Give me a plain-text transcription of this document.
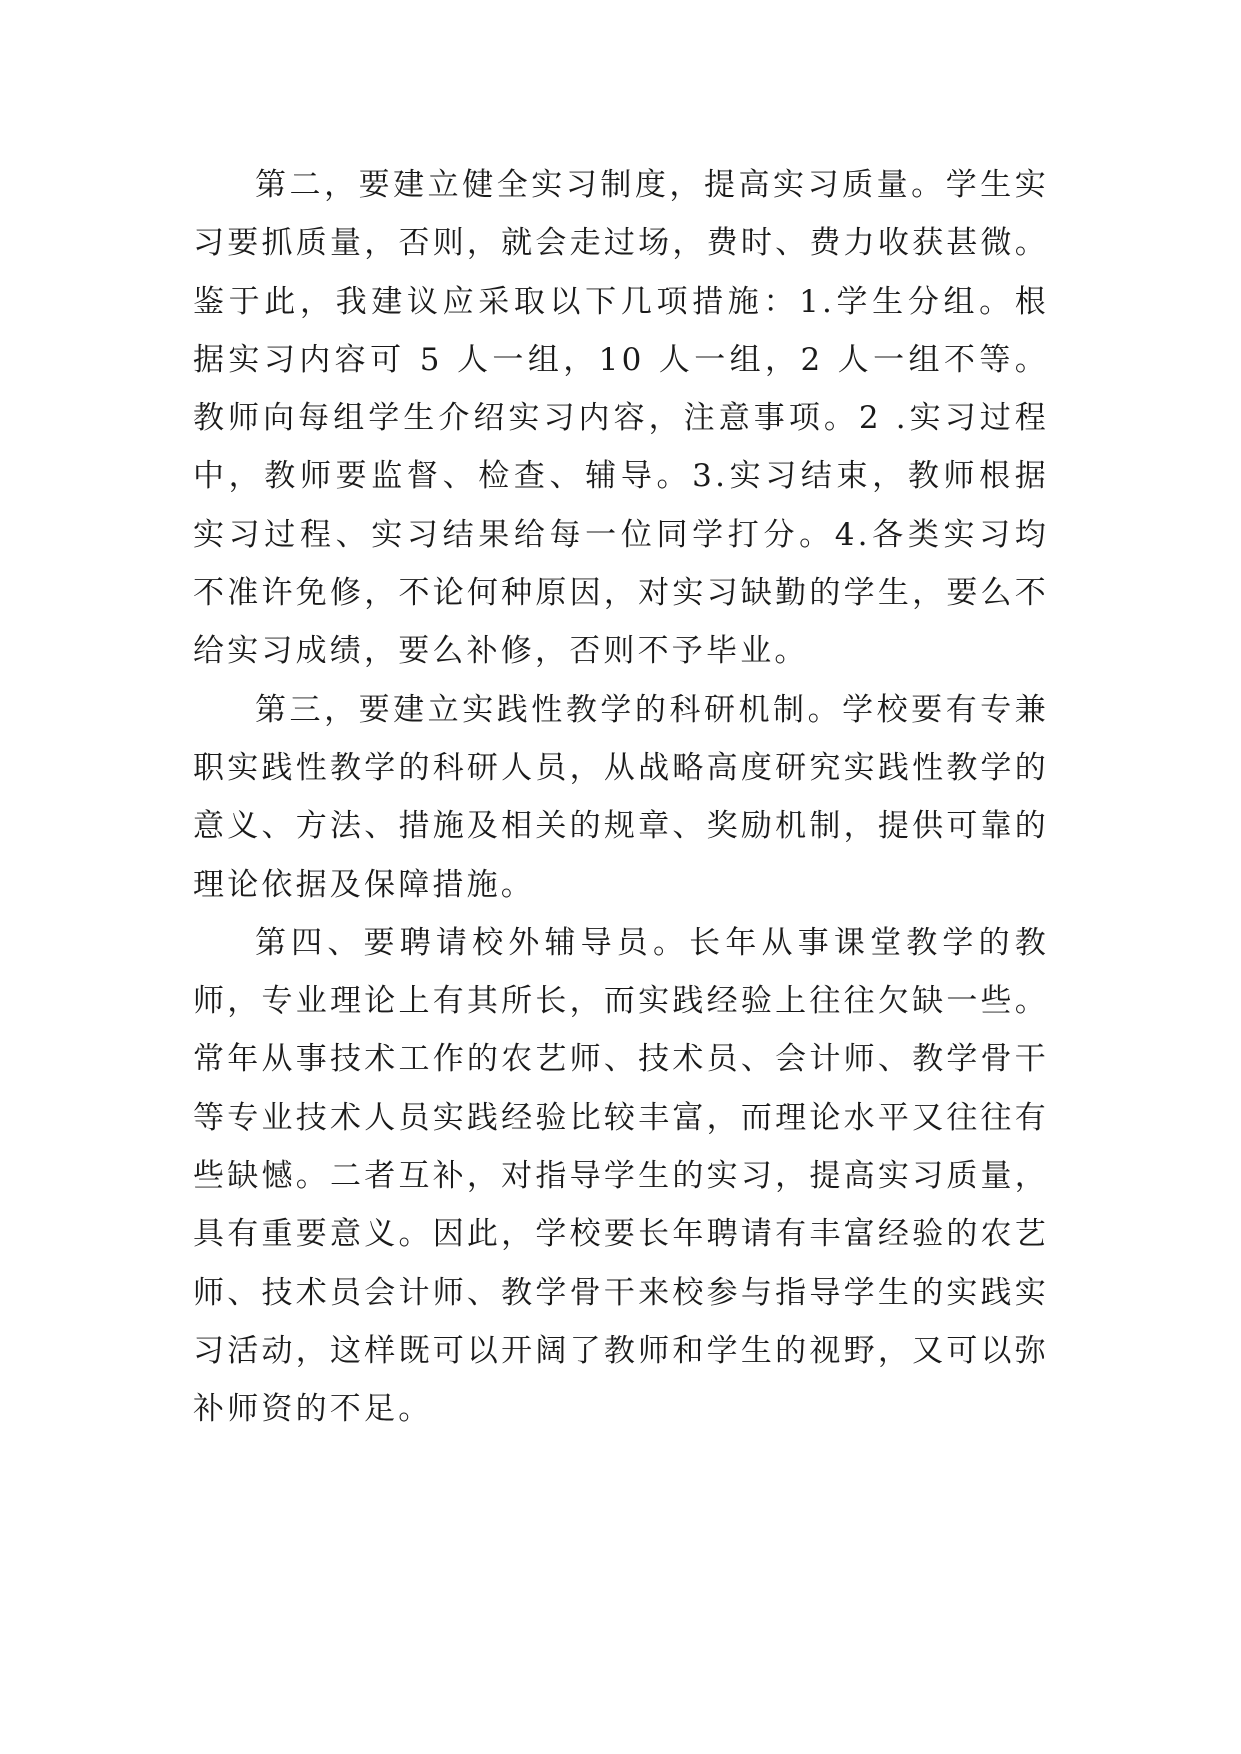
第二，要建立健全实习制度，提高实习质量。学生实习要抓质量，否则，就会走过场，费时、费力收获甚微。鉴于此，我建议应采取以下几项措施：1.学生分组。根据实习内容可 5 人一组，10 人一组，2 人一组不等。教师向每组学生介绍实习内容，注意事项。2 .实习过程中，教师要监督、检查、辅导。3.实习结束，教师根据实习过程、实习结果给每一位同学打分。4.各类实习均不准许免修，不论何种原因，对实习缺勤的学生，要么不给实习成绩，要么补修，否则不予毕业。

第三，要建立实践性教学的科研机制。学校要有专兼职实践性教学的科研人员，从战略高度研究实践性教学的意义、方法、措施及相关的规章、奖励机制，提供可靠的理论依据及保障措施。

第四、要聘请校外辅导员。长年从事课堂教学的教师，专业理论上有其所长，而实践经验上往往欠缺一些。常年从事技术工作的农艺师、技术员、会计师、教学骨干等专业技术人员实践经验比较丰富，而理论水平又往往有些缺憾。二者互补，对指导学生的实习，提高实习质量，具有重要意义。因此，学校要长年聘请有丰富经验的农艺师、技术员会计师、教学骨干来校参与指导学生的实践实习活动，这样既可以开阔了教师和学生的视野，又可以弥补师资的不足。
